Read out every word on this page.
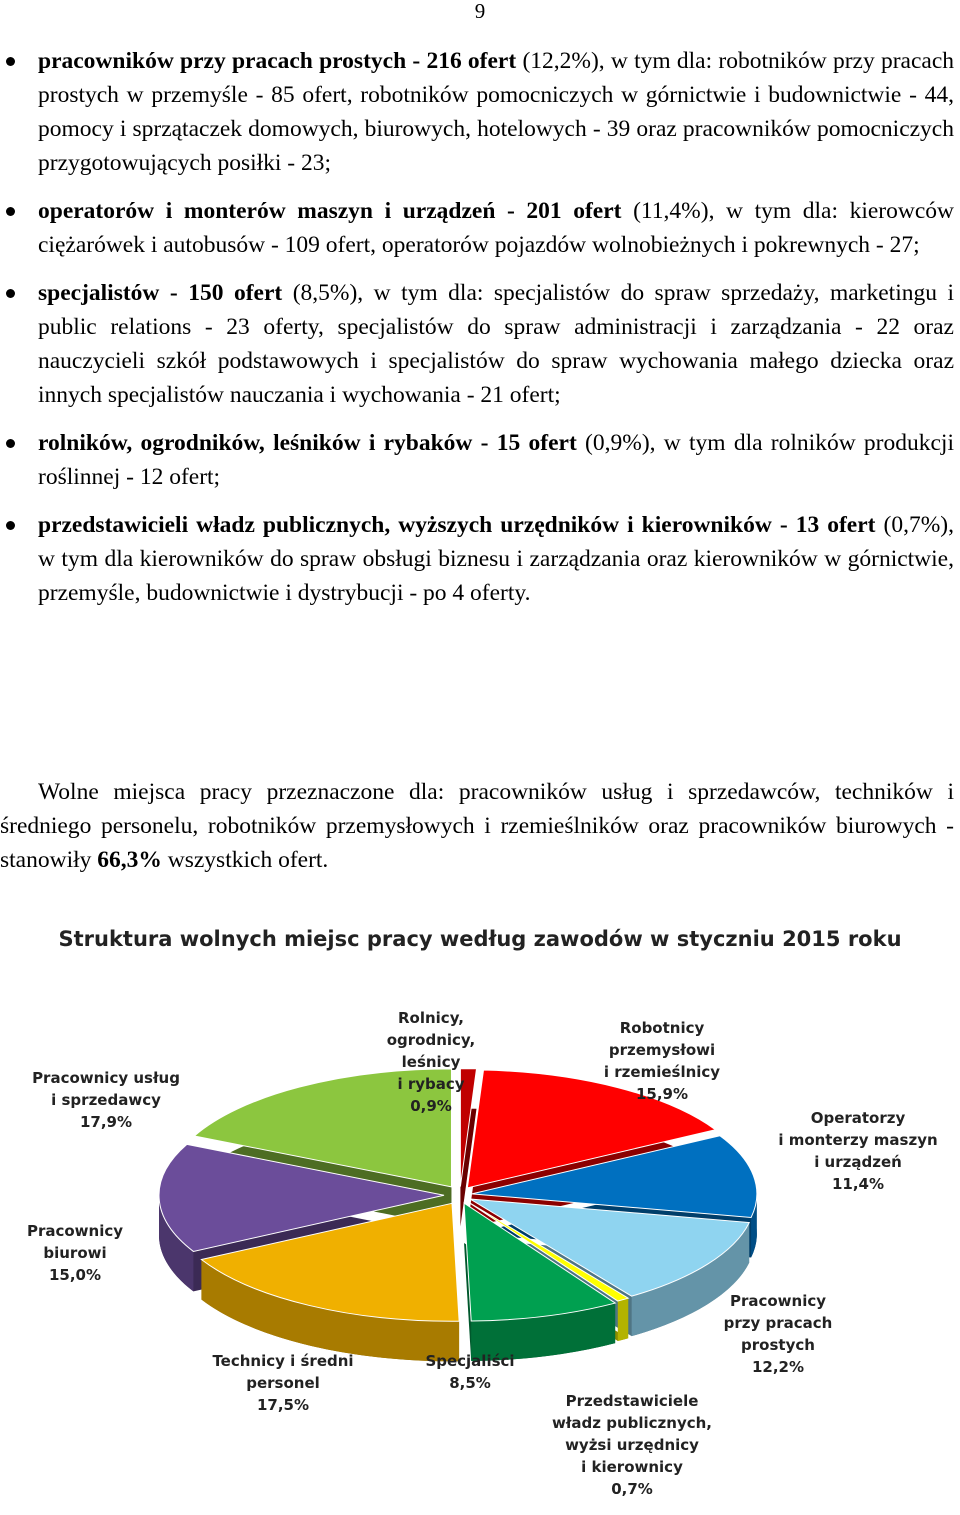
9
pracowników przy pracach prostych - 216 ofert (12,2%), w tym dla: robotników przy pracach prostych w przemyśle - 85 ofert, robotników pomocniczych w górnictwie i budownictwie - 44, pomocy i sprzątaczek domowych, biurowych, hotelowych - 39 oraz pracowników pomocniczych przygotowujących posiłki - 23;
operatorów i monterów maszyn i urządzeń - 201 ofert (11,4%), w tym dla: kierowców ciężarówek i autobusów - 109 ofert, operatorów pojazdów wolnobieżnych i pokrewnych - 27;
specjalistów - 150 ofert (8,5%), w tym dla: specjalistów do spraw sprzedaży, marketingu i public relations - 23 oferty, specjalistów do spraw administracji i zarządzania - 22 oraz nauczycieli szkół podstawowych i specjalistów do spraw wychowania małego dziecka oraz innych specjalistów nauczania i wychowania - 21 ofert;
rolników, ogrodników, leśników i rybaków - 15 ofert (0,9%), w tym dla rolników produkcji roślinnej - 12 ofert;
przedstawicieli władz publicznych, wyższych urzędników i kierowników - 13 ofert (0,7%), w tym dla kierowników do spraw obsługi biznesu i zarządzania oraz kierowników w górnictwie, przemyśle, budownictwie i dystrybucji - po 4 oferty.

Wolne miejsca pracy przeznaczone dla: pracowników usług i sprzedawców, techników i średniego personelu, robotników przemysłowych i rzemieślników oraz pracowników biurowych - stanowiły 66,3% wszystkich ofert.

Struktura wolnych miejsc pracy według zawodów w styczniu 2015 roku
Rolnicy,
ogrodnicy,
leśnicy
i rybacy
0,9%
Robotnicy
przemysłowi
i rzemieślnicy
15,9%
Operatorzy
i monterzy maszyn
i urządzeń
11,4%
Pracownicy
przy pracach
prostych
12,2%
Przedstawiciele
władz publicznych,
wyżsi urzędnicy
i kierownicy
0,7%
Specjaliści
8,5%
Technicy i średni
personel
17,5%
Pracownicy
biurowi
15,0%
Pracownicy usług
i sprzedawcy
17,9%
